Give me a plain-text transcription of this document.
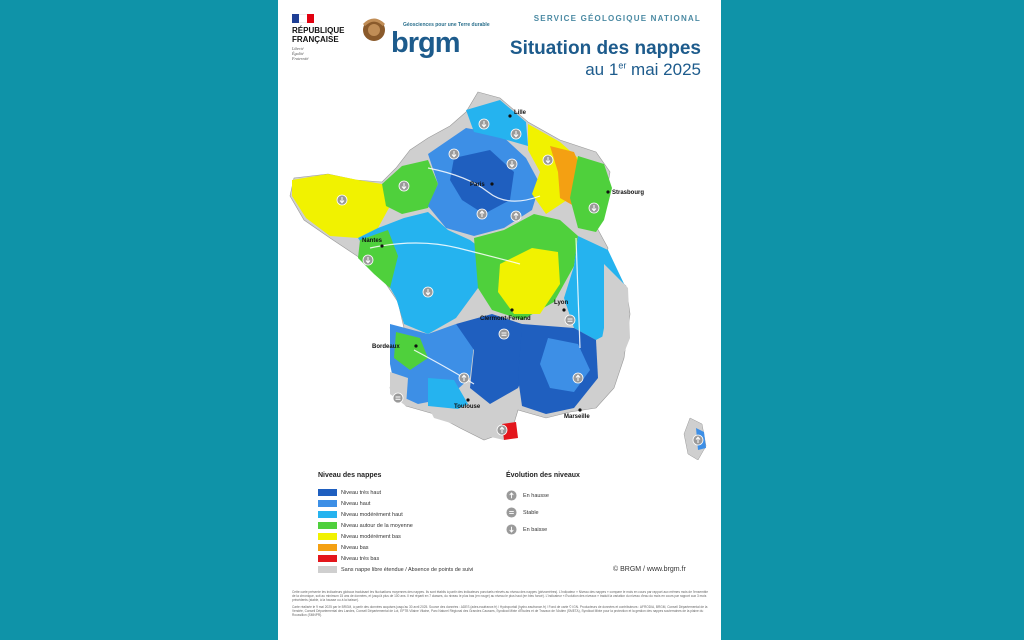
RÉPUBLIQUE
FRANÇAISE
Liberté
Égalité
Fraternité
Géosciences pour une Terre durable
brgm
SERVICE GÉOLOGIQUE NATIONAL
Situation des nappes
au 1er mai 2025
Lille
Strasbourg
Paris
Nantes
Lyon
Clermont-Ferrand
Bordeaux
Toulouse
Marseille
Niveau des nappes
Niveau très haut
Niveau haut
Niveau modérément haut
Niveau autour de la moyenne
Niveau modérément bas
Niveau bas
Niveau très bas
Sans nappe libre étendue / Absence de points de suivi
Évolution des niveaux
En hausse
Stable
En baisse
© BRGM / www.brgm.fr

Cette carte présente les indicateurs globaux traduisant les fluctuations moyennes des nappes. Ils sont établis à partir des indicateurs ponctuels relevés au niveau des nappes (piézomètres). L'indicateur « Niveau des nappes » compare le mois en cours par rapport aux mêmes mois de l'ensemble de la chronique, soit au minimum 15 ans de données, et jusqu'à plus de 100 ans. Il est réparti en 7 classes, du niveau le plus bas (en rouge) au niveau le plus haut (en bleu foncé). L'indicateur « Évolution des niveaux » traduit la variation du niveau d'eau du mois en cours par rapport aux 3 mois précédents (stable, à la hausse ou à la baisse).

Carte réalisée le 9 mai 2025 par le BRGM, à partir des données acquises jusqu'au 30 avril 2025. Source des données : ADES (ades.eaufrance.fr) / Hydroportail (hydro.eaufrance.fr) / Fond de carte © IGN. Producteurs de données et contributeurs : AFRODIA, BRGM, Conseil Départemental de la Vendée, Conseil Départemental des Landes, Conseil Départemental de Lot, EPTB Vilaine Vilaine, Parc Naturel Régional des Grandes Causses, Syndicat Mixte d'Études et de Travaux de l'Astien (SMETA), Syndicat Mixte pour la protection et la gestion des nappes souterraines de la plaine du Roussillon (SMNPR).
